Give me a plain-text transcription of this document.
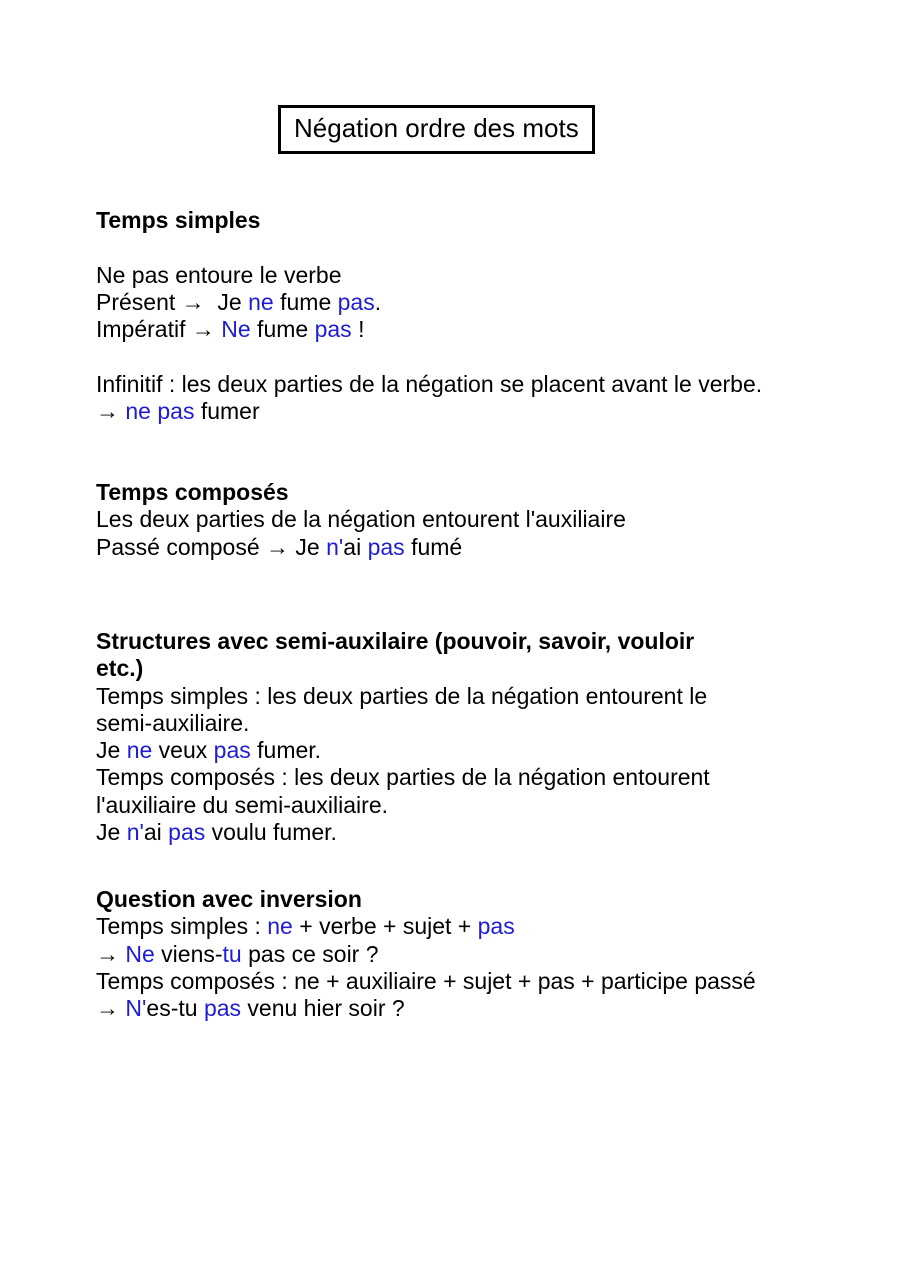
Négation ordre des mots
Temps simples
Ne pas entoure le verbe
Présent →  Je ne fume pas.
Impératif → Ne fume pas !
Infinitif : les deux parties de la négation se placent avant le verbe.
→ ne pas fumer
Temps composés
Les deux parties de la négation entourent l'auxiliaire
Passé composé → Je n'ai pas fumé
Structures avec semi-auxilaire (pouvoir, savoir, vouloir
etc.)
Temps simples : les deux parties de la négation entourent le
semi-auxiliaire.
Je ne veux pas fumer.
Temps composés : les deux parties de la négation entourent
l'auxiliaire du semi-auxiliaire.
Je n'ai pas voulu fumer.
Question avec inversion
Temps simples : ne + verbe + sujet + pas
→ Ne viens-tu pas ce soir ?
Temps composés : ne + auxiliaire + sujet + pas + participe passé
→ N'es-tu pas venu hier soir ?
